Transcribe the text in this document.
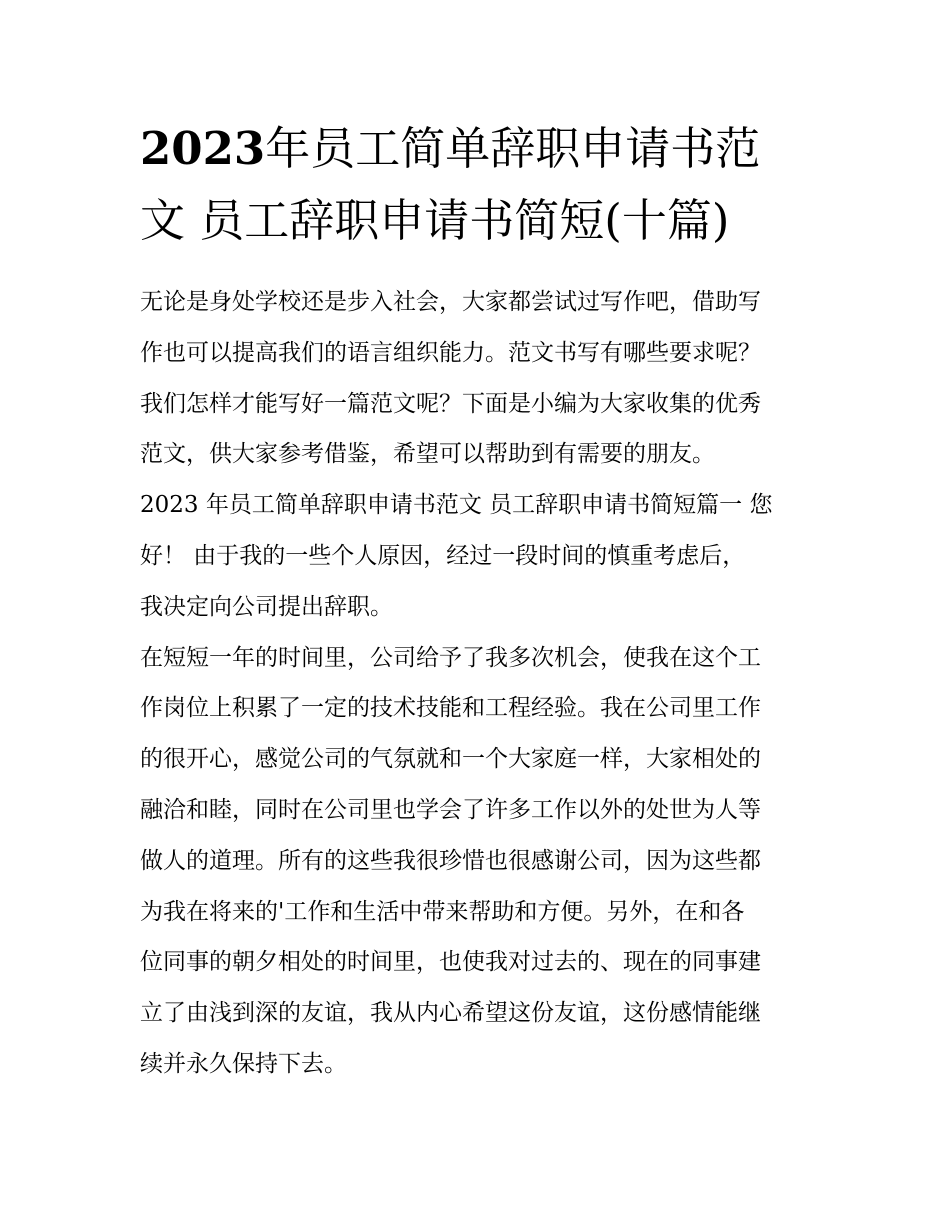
2023年员工简单辞职申请书范
文 员工辞职申请书简短(十篇)
无论是身处学校还是步入社会，大家都尝试过写作吧，借助写
作也可以提高我们的语言组织能力。范文书写有哪些要求呢？
我们怎样才能写好一篇范文呢？下面是小编为大家收集的优秀
范文，供大家参考借鉴，希望可以帮助到有需要的朋友。
2023 年员工简单辞职申请书范文 员工辞职申请书简短篇一 您
好！ 由于我的一些个人原因，经过一段时间的慎重考虑后，
我决定向公司提出辞职。
在短短一年的时间里，公司给予了我多次机会，使我在这个工
作岗位上积累了一定的技术技能和工程经验。我在公司里工作
的很开心，感觉公司的气氛就和一个大家庭一样，大家相处的
融洽和睦，同时在公司里也学会了许多工作以外的处世为人等
做人的道理。所有的这些我很珍惜也很感谢公司，因为这些都
为我在将来的'工作和生活中带来帮助和方便。另外，在和各
位同事的朝夕相处的时间里，也使我对过去的、现在的同事建
立了由浅到深的友谊，我从内心希望这份友谊，这份感情能继
续并永久保持下去。
